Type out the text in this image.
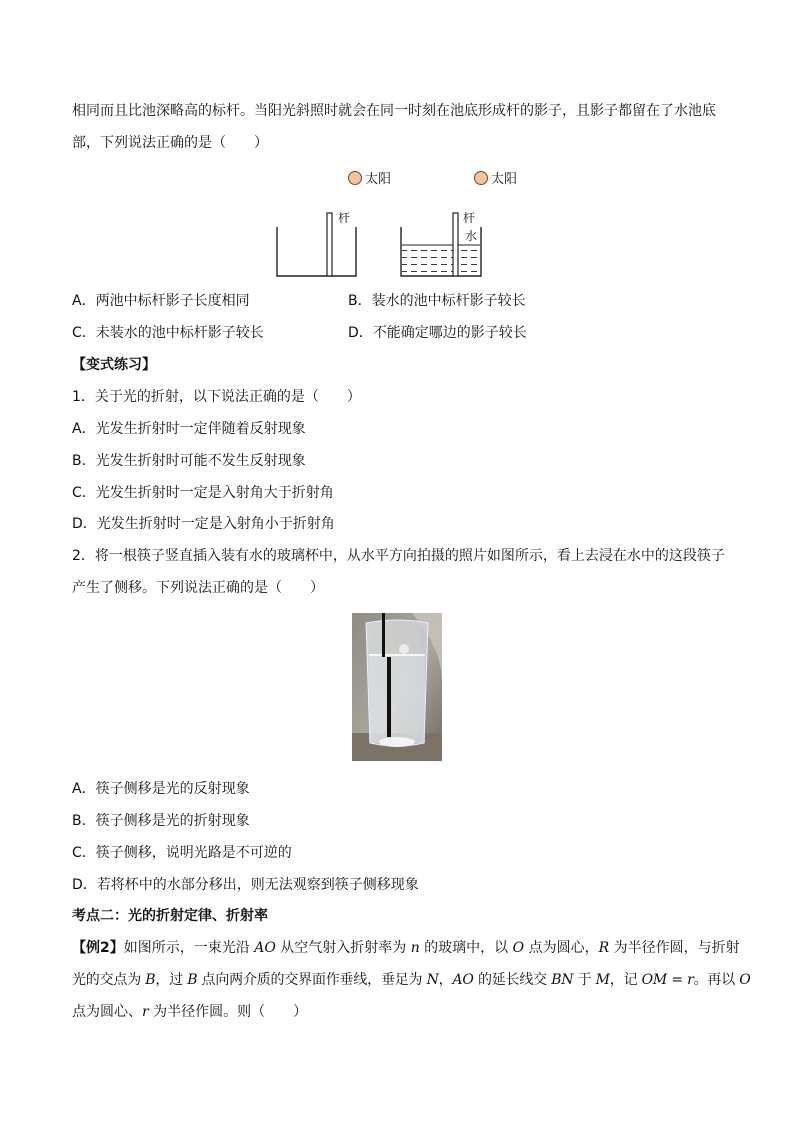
相同而且比池深略高的标杆。当阳光斜照时就会在同一时刻在池底形成杆的影子，且影子都留在了水池底
部，下列说法正确的是（　　）
太阳	太阳
杆	杆
水
A．两池中标杆影子长度相同	B．装水的池中标杆影子较长
C．未装水的池中标杆影子较长	D．不能确定哪边的影子较长
【变式练习】
1．关于光的折射，以下说法正确的是（　　）
A．光发生折射时一定伴随着反射现象
B．光发生折射时可能不发生反射现象
C．光发生折射时一定是入射角大于折射角
D．光发生折射时一定是入射角小于折射角
2．将一根筷子竖直插入装有水的玻璃杯中，从水平方向拍摄的照片如图所示，看上去浸在水中的这段筷子
产生了侧移。下列说法正确的是（　　）
A．筷子侧移是光的反射现象
B．筷子侧移是光的折射现象
C．筷子侧移，说明光路是不可逆的
D．若将杯中的水部分移出，则无法观察到筷子侧移现象
考点二：光的折射定律、折射率
【例2】如图所示，一束光沿 AO 从空气射入折射率为 n 的玻璃中，以 O 点为圆心，R 为半径作圆，与折射
光的交点为 B，过 B 点向两介质的交界面作垂线，垂足为 N，AO 的延长线交 BN 于 M，记 OM = r。再以 O
点为圆心、r 为半径作圆。则（　　）
